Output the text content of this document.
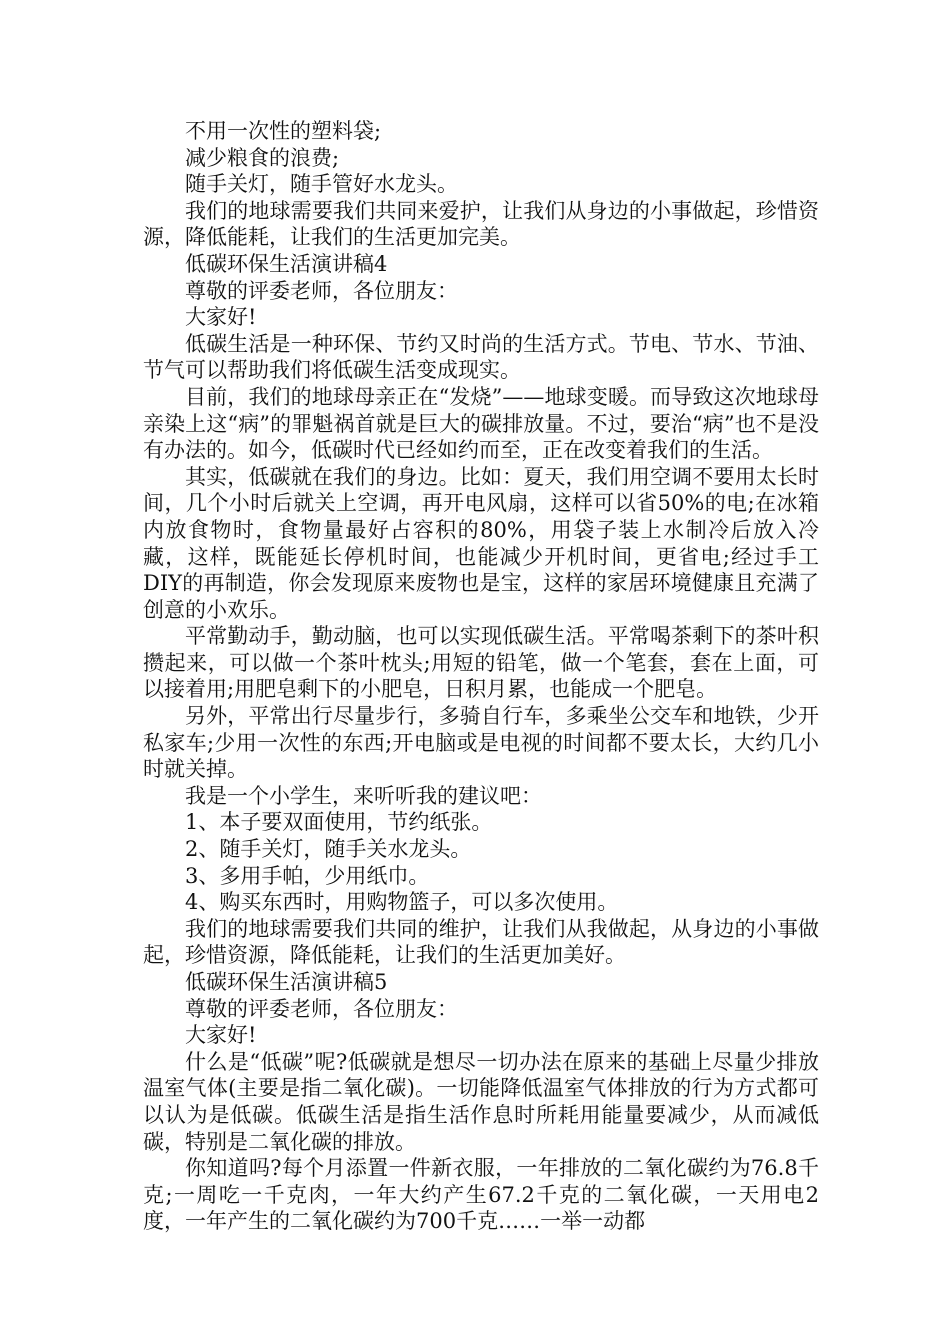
不用一次性的塑料袋;

减少粮食的浪费;

随手关灯，随手管好水龙头。

我们的地球需要我们共同来爱护，让我们从身边的小事做起，珍惜资源，降低能耗，让我们的生活更加完美。

低碳环保生活演讲稿4

尊敬的评委老师，各位朋友：

大家好!

低碳生活是一种环保、节约又时尚的生活方式。节电、节水、节油、节气可以帮助我们将低碳生活变成现实。

目前，我们的地球母亲正在“发烧”——地球变暖。而导致这次地球母亲染上这“病”的罪魁祸首就是巨大的碳排放量。不过，要治“病”也不是没有办法的。如今，低碳时代已经如约而至，正在改变着我们的生活。

其实，低碳就在我们的身边。比如：夏天，我们用空调不要用太长时间，几个小时后就关上空调，再开电风扇，这样可以省50%的电;在冰箱内放食物时，食物量最好占容积的80%，用袋子装上水制冷后放入冷藏，这样，既能延长停机时间，也能减少开机时间，更省电;经过手工DIY的再制造，你会发现原来废物也是宝，这样的家居环境健康且充满了创意的小欢乐。

平常勤动手，勤动脑，也可以实现低碳生活。平常喝茶剩下的茶叶积攒起来，可以做一个茶叶枕头;用短的铅笔，做一个笔套，套在上面，可以接着用;用肥皂剩下的小肥皂，日积月累，也能成一个肥皂。

另外，平常出行尽量步行，多骑自行车，多乘坐公交车和地铁，少开私家车;少用一次性的东西;开电脑或是电视的时间都不要太长，大约几小时就关掉。

我是一个小学生，来听听我的建议吧：

1、本子要双面使用，节约纸张。

2、随手关灯，随手关水龙头。

3、多用手帕，少用纸巾。

4、购买东西时，用购物篮子，可以多次使用。

我们的地球需要我们共同的维护，让我们从我做起，从身边的小事做起，珍惜资源，降低能耗，让我们的生活更加美好。

低碳环保生活演讲稿5

尊敬的评委老师，各位朋友：

大家好!

什么是“低碳”呢?低碳就是想尽一切办法在原来的基础上尽量少排放温室气体(主要是指二氧化碳)。一切能降低温室气体排放的行为方式都可以认为是低碳。低碳生活是指生活作息时所耗用能量要减少，从而减低碳，特别是二氧化碳的排放。

你知道吗?每个月添置一件新衣服，一年排放的二氧化碳约为76.8千克;一周吃一千克肉，一年大约产生67.2千克的二氧化碳，一天用电2度，一年产生的二氧化碳约为700千克……一举一动都
